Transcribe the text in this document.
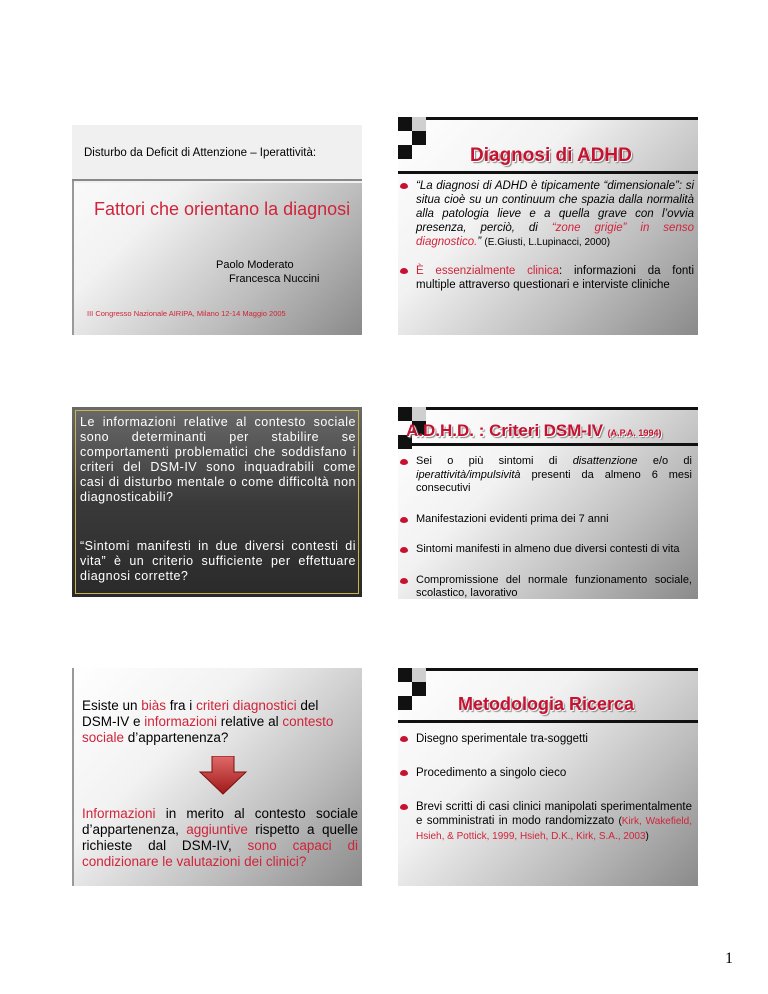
Disturbo da Deficit di Attenzione – Iperattività:
Fattori che orientano la diagnosi
Paolo Moderato
Francesca Nuccini
III Congresso Nazionale AIRIPA, Milano 12-14 Maggio 2005
Diagnosi di ADHD
“La diagnosi di ADHD è tipicamente “dimensionale”: si situa cioè su un continuum che spazia dalla normalità alla patologia lieve e a quella grave con l’ovvia presenza, perciò, di “zone grigie” in senso diagnostico.” (E.Giusti, L.Lupinacci, 2000)
È essenzialmente clinica: informazioni da fonti multiple attraverso questionari e interviste cliniche
Le informazioni relative al contesto sociale sono determinanti per stabilire se comportamenti problematici che soddisfano i criteri del DSM-IV sono inquadrabili come casi di disturbo mentale o come difficoltà non diagnosticabili?
“Sintomi manifesti in due diversi contesti di vita” è un criterio sufficiente per effettuare diagnosi corrette?
A.D.H.D. : Criteri DSM-IV (A.P.A. 1994)
Sei o più sintomi di disattenzione e/o di iperattività/impulsività presenti da almeno 6 mesi consecutivi
Manifestazioni evidenti prima dei 7 anni
Sintomi manifesti in almeno due diversi contesti di vita
Compromissione del normale funzionamento sociale, scolastico, lavorativo
Esiste un biàs fra i criteri diagnostici del DSM-IV e informazioni relative al contesto sociale d’appartenenza?
Informazioni in merito al contesto sociale d’appartenenza, aggiuntive rispetto a quelle richieste dal DSM-IV, sono capaci di condizionare le valutazioni dei clinici?
Metodologia Ricerca
Disegno sperimentale tra-soggetti
Procedimento a singolo cieco
Brevi scritti di casi clinici manipolati sperimentalmente e somministrati in modo randomizzato (Kirk, Wakefield, Hsieh, & Pottick, 1999, Hsieh, D.K., Kirk, S.A., 2003)
1
